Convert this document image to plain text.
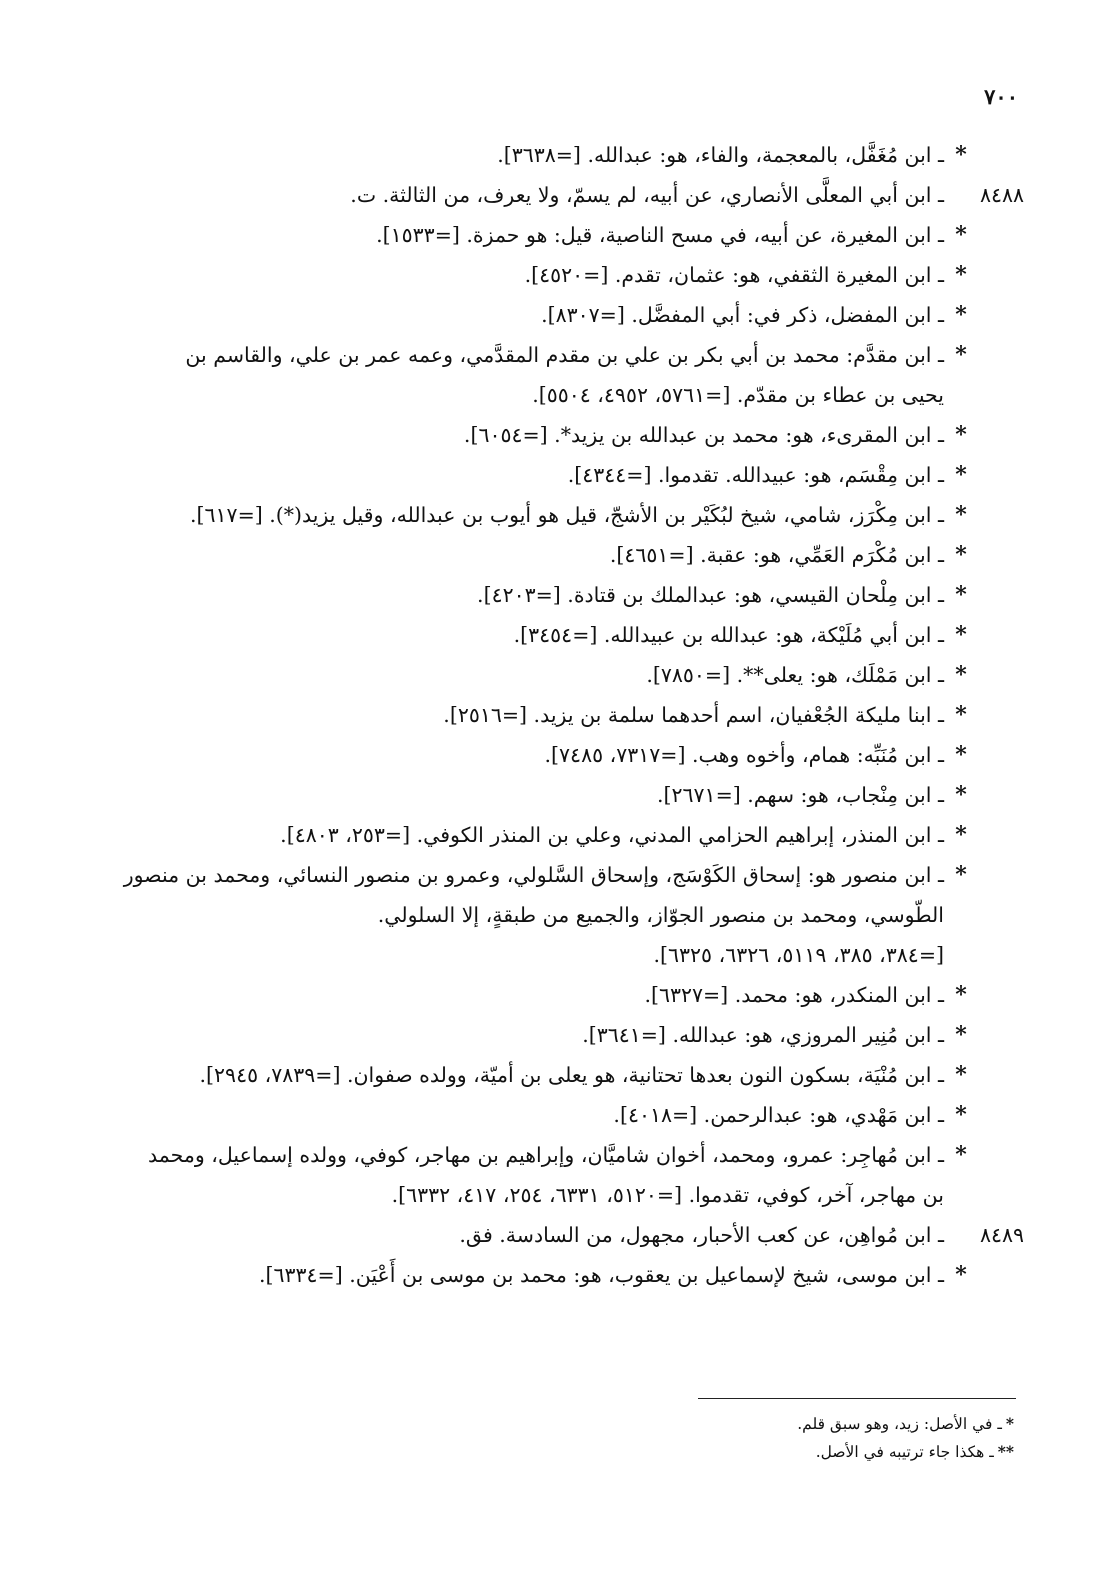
٧٠٠
*
ـ ابن مُغَفَّل، بالمعجمة، والفاء، هو: عبدالله. [=٣٦٣٨].
٨٤٨٨
ـ ابن أبي المعلَّى الأنصاري، عن أبيه، لم يسمّ، ولا يعرف، من الثالثة. ت.
*
ـ ابن المغيرة، عن أبيه، في مسح الناصية، قيل: هو حمزة. [=١٥٣٣].
*
ـ ابن المغيرة الثقفي، هو: عثمان، تقدم. [=٤٥٢٠].
*
ـ ابن المفضل، ذكر في: أبي المفضَّل. [=٨٣٠٧].
*
ـ ابن مقدَّم: محمد بن أبي بكر بن علي بن مقدم المقدَّمي، وعمه عمر بن علي، والقاسم بن
يحيى بن عطاء بن مقدّم. [=٥٧٦١، ٤٩٥٢، ٥٥٠٤].
*
ـ ابن المقرىء، هو: محمد بن عبدالله بن يزيد*. [=٦٠٥٤].
*
ـ ابن مِقْسَم، هو: عبيدالله. تقدموا. [=٤٣٤٤].
*
ـ ابن مِكْرَز، شامي، شيخ لبُكَيْر بن الأشجّ، قيل هو أيوب بن عبدالله، وقيل يزيد(*). [=٦١٧].
*
ـ ابن مُكْرَم العَمِّي، هو: عقبة. [=٤٦٥١].
*
ـ ابن مِلْحان القيسي، هو: عبدالملك بن قتادة. [=٤٢٠٣].
*
ـ ابن أبي مُلَيْكة، هو: عبدالله بن عبيدالله. [=٣٤٥٤].
*
ـ ابن مَمْلَك، هو: يعلى**. [=٧٨٥٠].
*
ـ ابنا مليكة الجُعْفيان، اسم أحدهما سلمة بن يزيد. [=٢٥١٦].
*
ـ ابن مُنَبِّه: همام، وأخوه وهب. [=٧٣١٧، ٧٤٨٥].
*
ـ ابن مِنْجاب، هو: سهم. [=٢٦٧١].
*
ـ ابن المنذر، إبراهيم الحزامي المدني، وعلي بن المنذر الكوفي. [=٢٥٣، ٤٨٠٣].
*
ـ ابن منصور هو: إسحاق الكَوْسَج، وإسحاق السَّلولي، وعمرو بن منصور النسائي، ومحمد بن منصور
الطّوسي، ومحمد بن منصور الجوّاز، والجميع من طبقةٍ، إلا السلولي.
[=٣٨٤، ٣٨٥، ٥١١٩، ٦٣٢٦، ٦٣٢٥].
*
ـ ابن المنكدر، هو: محمد. [=٦٣٢٧].
*
ـ ابن مُنِير المروزي، هو: عبدالله. [=٣٦٤١].
*
ـ ابن مُنْيَة، بسكون النون بعدها تحتانية، هو يعلى بن أميّة، وولده صفوان. [=٧٨٣٩، ٢٩٤٥].
*
ـ ابن مَهْدي، هو: عبدالرحمن. [=٤٠١٨].
*
ـ ابن مُهاجِر: عمرو، ومحمد، أخوان شاميَّان، وإبراهيم بن مهاجر، كوفي، وولده إسماعيل، ومحمد
بن مهاجر، آخر، كوفي، تقدموا. [=٥١٢٠، ٦٣٣١، ٢٥٤، ٤١٧، ٦٣٣٢].
٨٤٨٩
ـ ابن مُواهِن، عن كعب الأحبار، مجهول، من السادسة. فق.
*
ـ ابن موسى، شيخ لإسماعيل بن يعقوب، هو: محمد بن موسى بن أَعْيَن. [=٦٣٣٤].
*ـ في الأصل: زيد، وهو سبق قلم.
**ـ هكذا جاء ترتيبه في الأصل.
